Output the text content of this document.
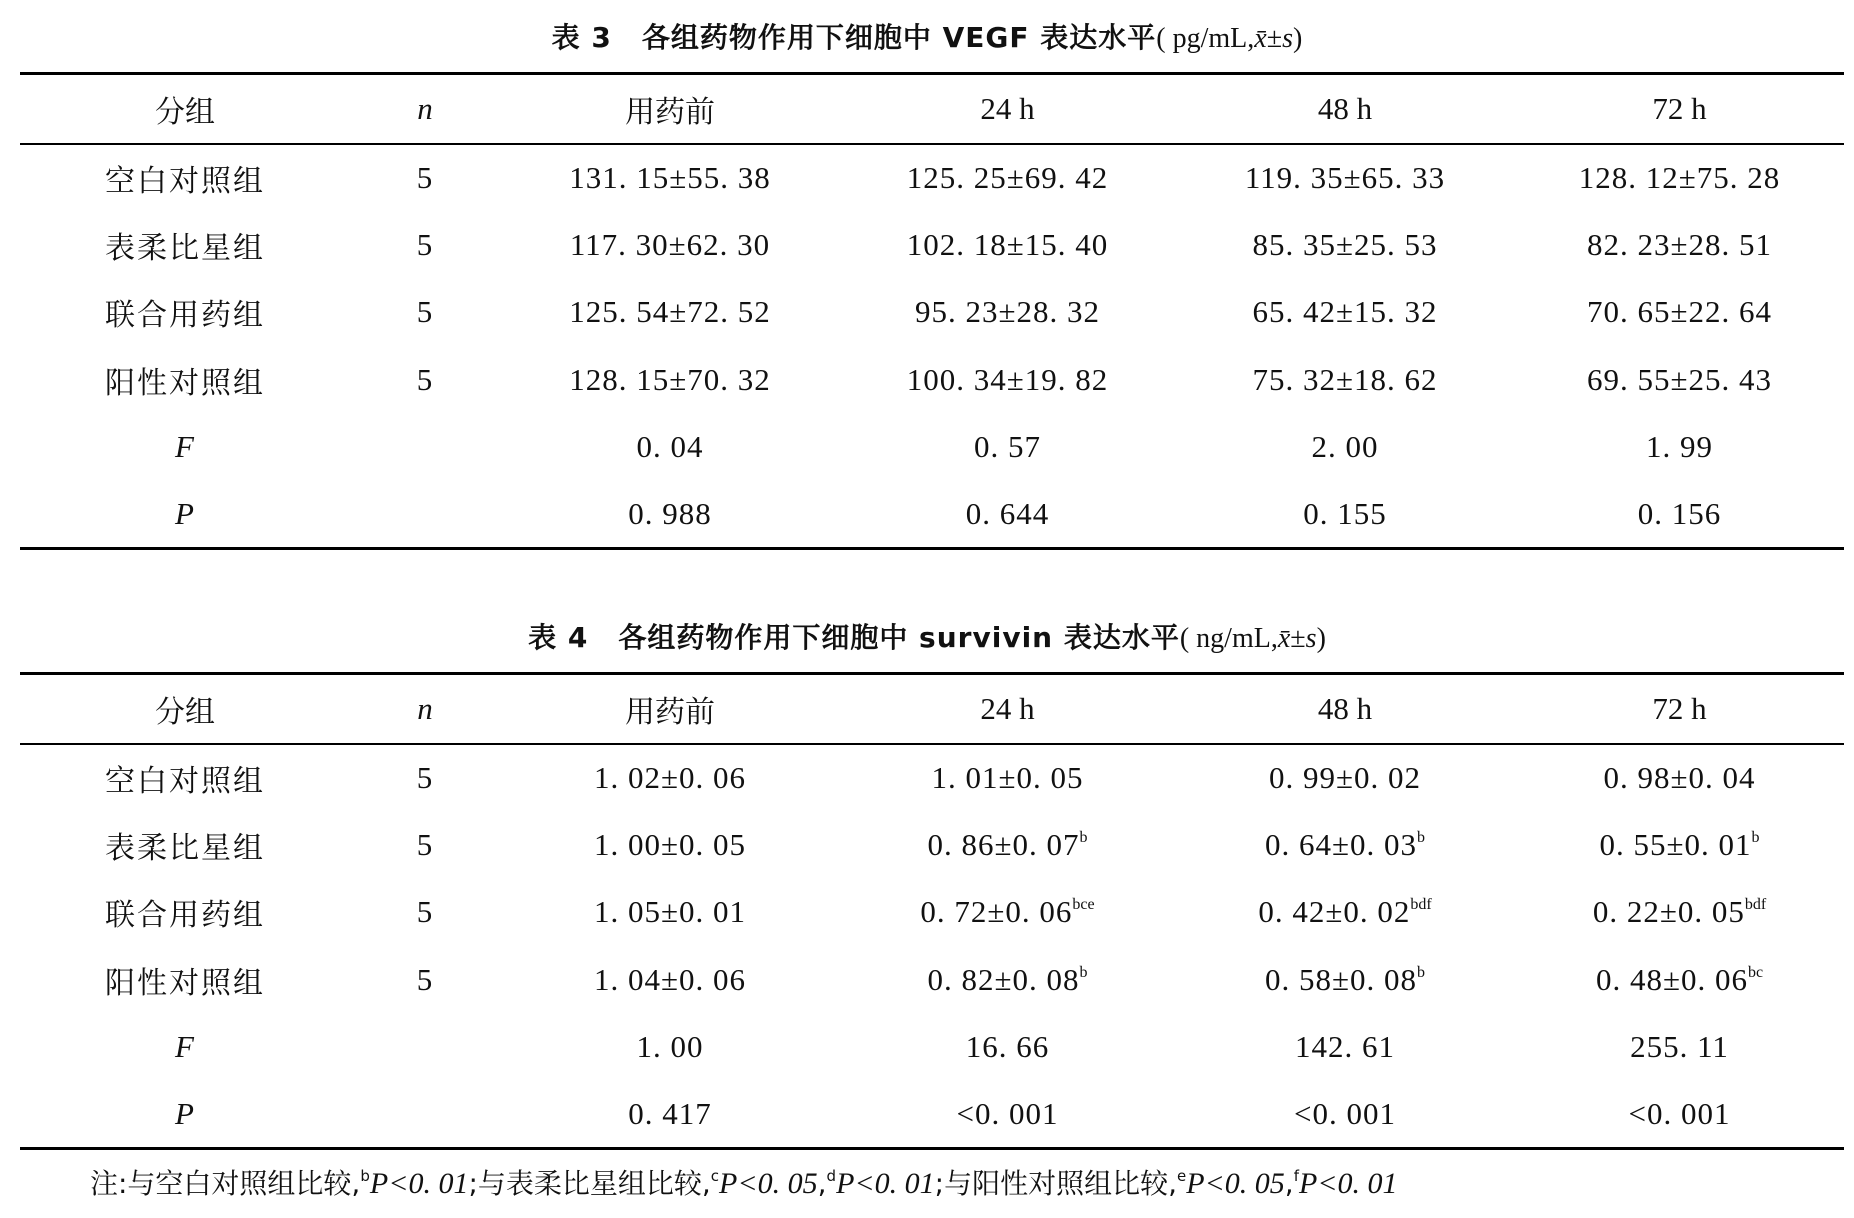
表 3 各组药物作用下细胞中 VEGF 表达水平( pg/mL,x̄±s)
分组	n	用药前	24 h	48 h	72 h
空白对照组	5	131. 15±55. 38	125. 25±69. 42	119. 35±65. 33	128. 12±75. 28
表柔比星组	5	117. 30±62. 30	102. 18±15. 40	85. 35±25. 53	82. 23±28. 51
联合用药组	5	125. 54±72. 52	95. 23±28. 32	65. 42±15. 32	70. 65±22. 64
阳性对照组	5	128. 15±70. 32	100. 34±19. 82	75. 32±18. 62	69. 55±25. 43
F		0. 04	0. 57	2. 00	1. 99
P		0. 988	0. 644	0. 155	0. 156
表 4 各组药物作用下细胞中 survivin 表达水平( ng/mL,x̄±s)
分组	n	用药前	24 h	48 h	72 h
空白对照组	5	1. 02±0. 06	1. 01±0. 05	0. 99±0. 02	0. 98±0. 04
表柔比星组	5	1. 00±0. 05	0. 86±0. 07$^b$	0. 64±0. 03$^b$	0. 55±0. 01$^b$
联合用药组	5	1. 05±0. 01	0. 72±0. $06^{bce}$	0. 42±0. $02^{bdf}$	0. 22±0. $05^{bdf}$
阳性对照组	5	1. 04±0. 06	0. 82±0. 08$^b$	0. 58±0. 08$^b$	0. 48±0. $06^{bc}$
F		1. 00	16. 66	142. 61	255. 11
P		0. 417	<0. 001	<0. 001	<0. 001
注:与空白对照组比较,$^b$P<0. 01;与表柔比星组比较,$^c$P<0. 05,$^d$P<0. 01;与阳性对照组比较,$^e$P<0. 05,$^f$P<0. 01
